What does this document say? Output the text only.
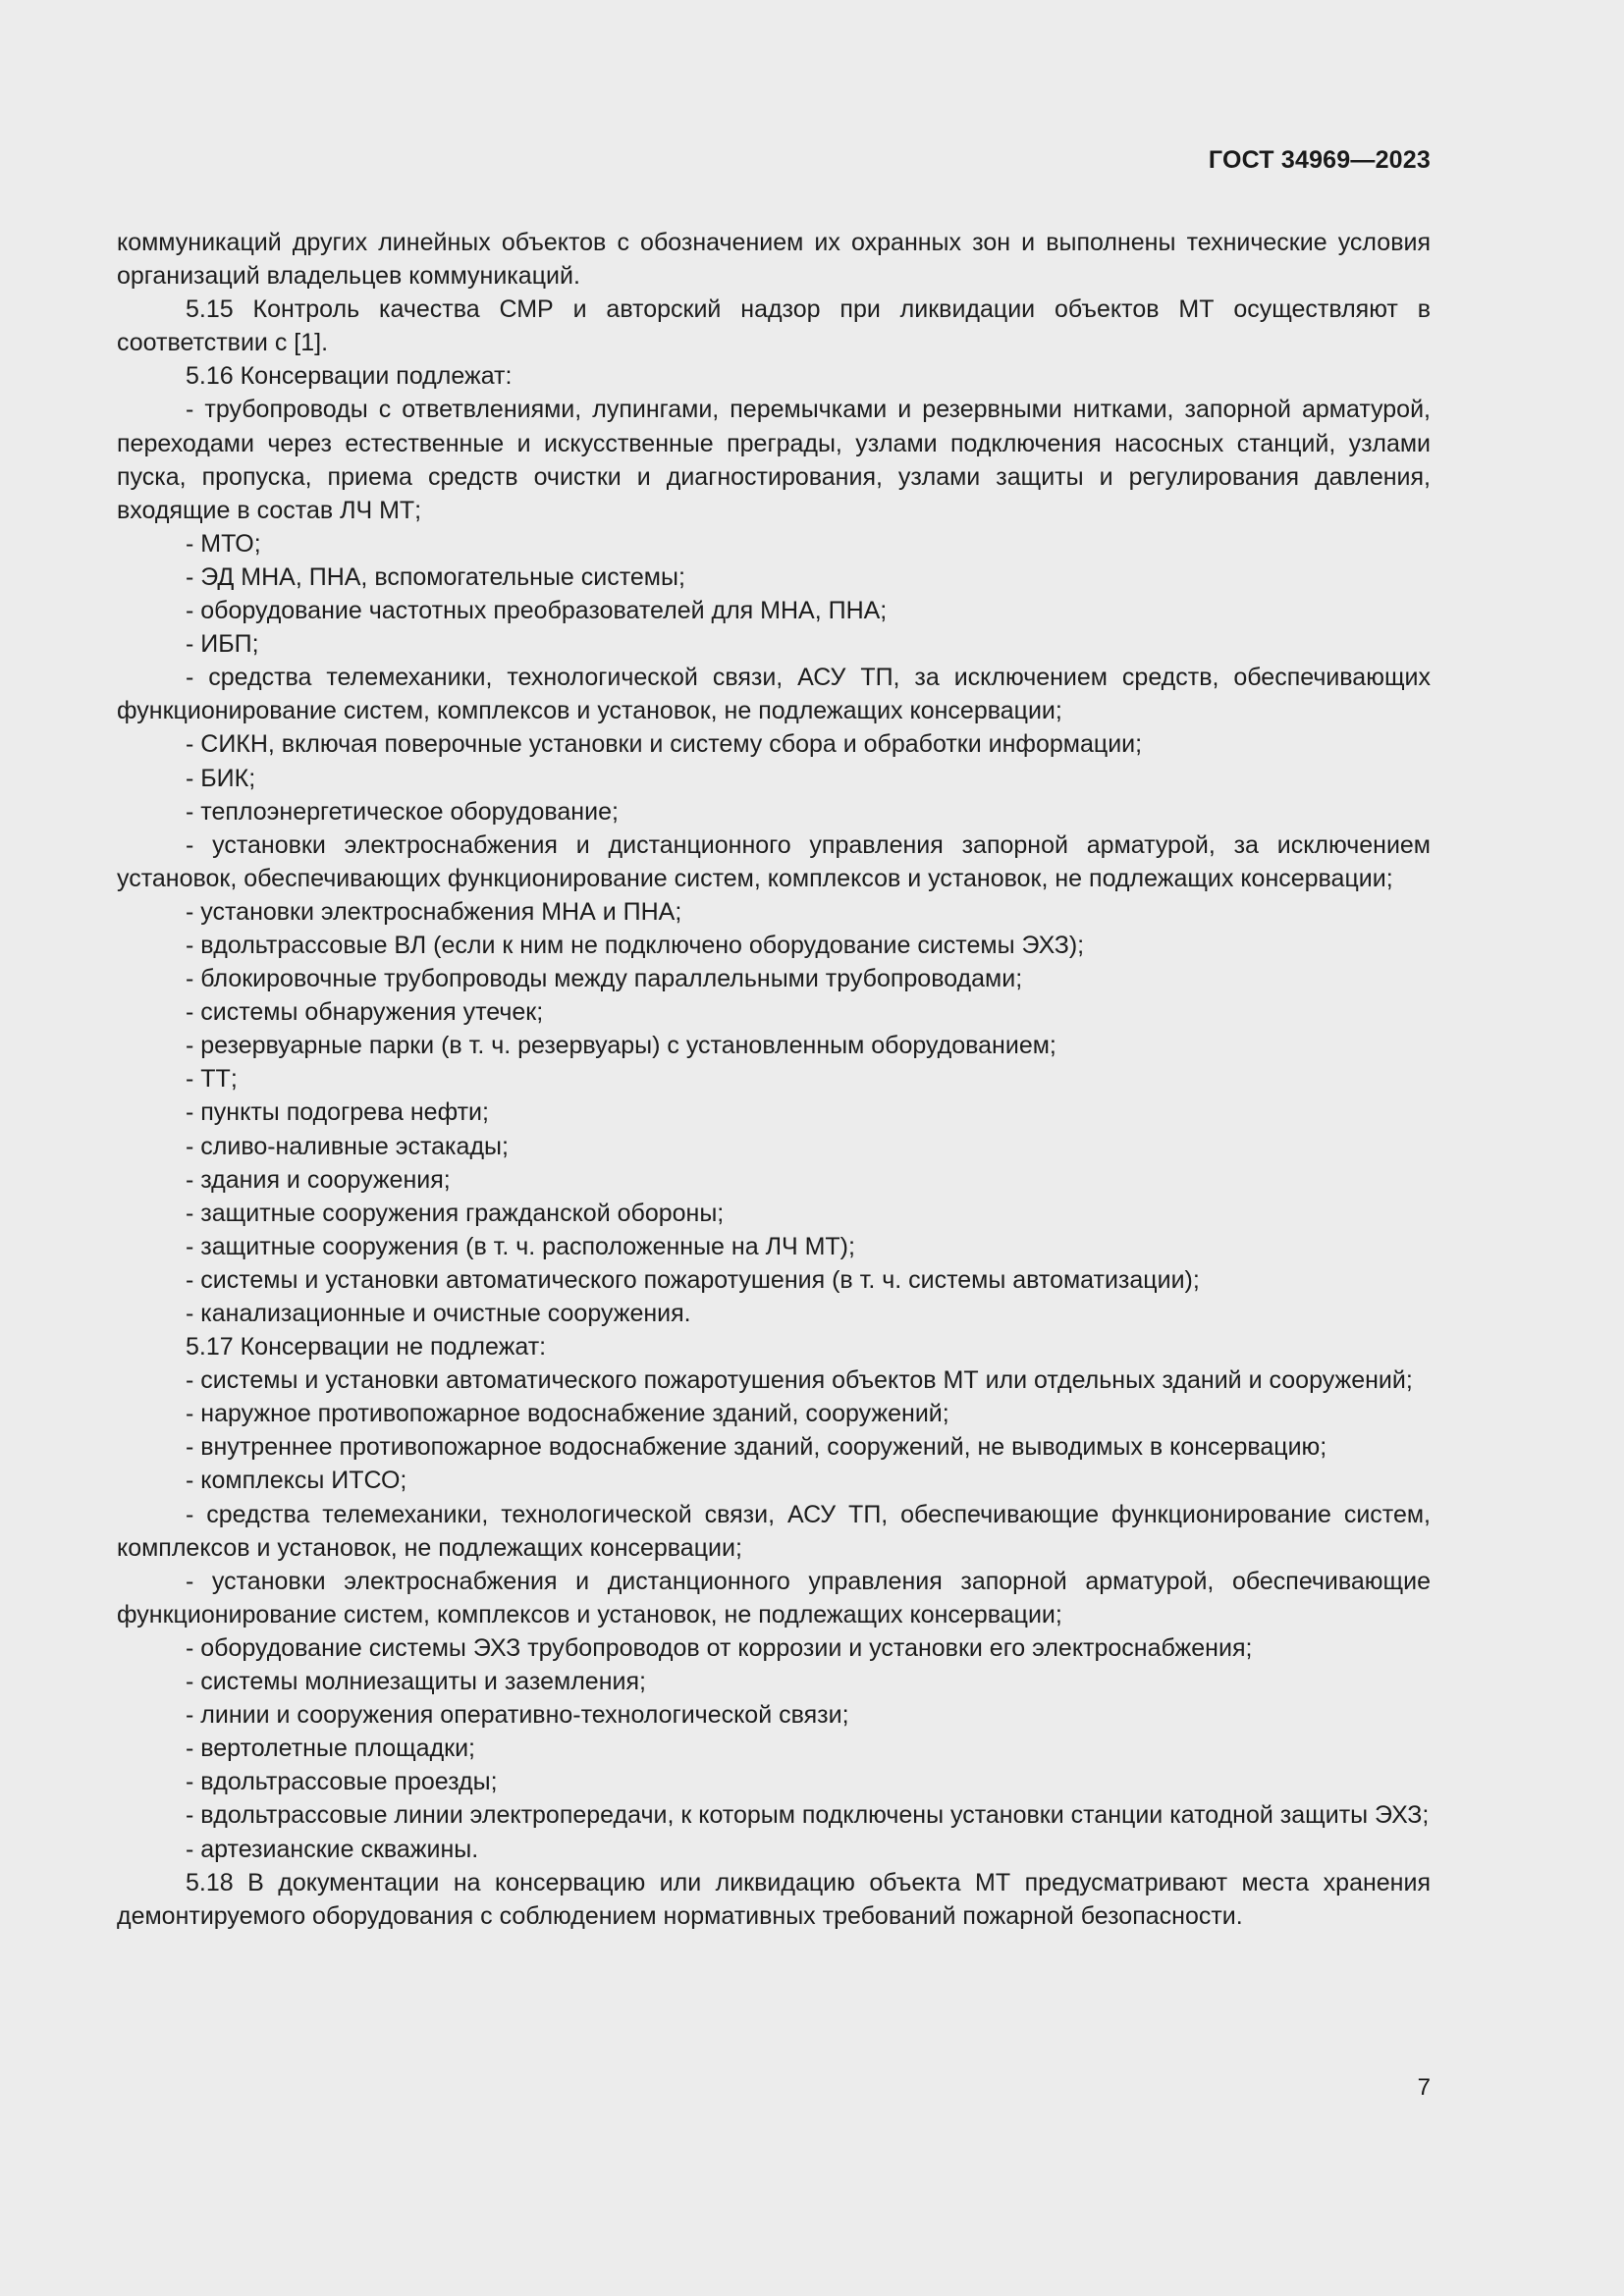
ГОСТ 34969—2023

коммуникаций других линейных объектов с обозначением их охранных зон и выполнены технические условия организаций владельцев коммуникаций.

5.15 Контроль качества СМР и авторский надзор при ликвидации объектов МТ осуществляют в соответствии с [1].

5.16 Консервации подлежат:

- трубопроводы с ответвлениями, лупингами, перемычками и резервными нитками, запорной арматурой, переходами через естественные и искусственные преграды, узлами подключения насосных станций, узлами пуска, пропуска, приема средств очистки и диагностирования, узлами защиты и регулирования давления, входящие в состав ЛЧ МТ;

- МТО;

- ЭД МНА, ПНА, вспомогательные системы;

- оборудование частотных преобразователей для МНА, ПНА;

- ИБП;

- средства телемеханики, технологической связи, АСУ ТП, за исключением средств, обеспечивающих функционирование систем, комплексов и установок, не подлежащих консервации;

- СИКН, включая поверочные установки и систему сбора и обработки информации;

- БИК;

- теплоэнергетическое оборудование;

- установки электроснабжения и дистанционного управления запорной арматурой, за исключением установок, обеспечивающих функционирование систем, комплексов и установок, не подлежащих консервации;

- установки электроснабжения МНА и ПНА;

- вдольтрассовые ВЛ (если к ним не подключено оборудование системы ЭХЗ);

- блокировочные трубопроводы между параллельными трубопроводами;

- системы обнаружения утечек;

- резервуарные парки (в т. ч. резервуары) с установленным оборудованием;

- ТТ;

- пункты подогрева нефти;

- сливо-наливные эстакады;

- здания и сооружения;

- защитные сооружения гражданской обороны;

- защитные сооружения (в т. ч. расположенные на ЛЧ МТ);

- системы и установки автоматического пожаротушения (в т. ч. системы автоматизации);

- канализационные и очистные сооружения.

5.17 Консервации не подлежат:

- системы и установки автоматического пожаротушения объектов МТ или отдельных зданий и сооружений;

- наружное противопожарное водоснабжение зданий, сооружений;

- внутреннее противопожарное водоснабжение зданий, сооружений, не выводимых в консервацию;

- комплексы ИТСО;

- средства телемеханики, технологической связи, АСУ ТП, обеспечивающие функционирование систем, комплексов и установок, не подлежащих консервации;

- установки электроснабжения и дистанционного управления запорной арматурой, обеспечивающие функционирование систем, комплексов и установок, не подлежащих консервации;

- оборудование системы ЭХЗ трубопроводов от коррозии и установки его электроснабжения;

- системы молниезащиты и заземления;

- линии и сооружения оперативно-технологической связи;

- вертолетные площадки;

- вдольтрассовые проезды;

- вдольтрассовые линии электропередачи, к которым подключены установки станции катодной защиты ЭХЗ;

- артезианские скважины.

5.18 В документации на консервацию или ликвидацию объекта МТ предусматривают места хранения демонтируемого оборудования с соблюдением нормативных требований пожарной безопасности.

7
